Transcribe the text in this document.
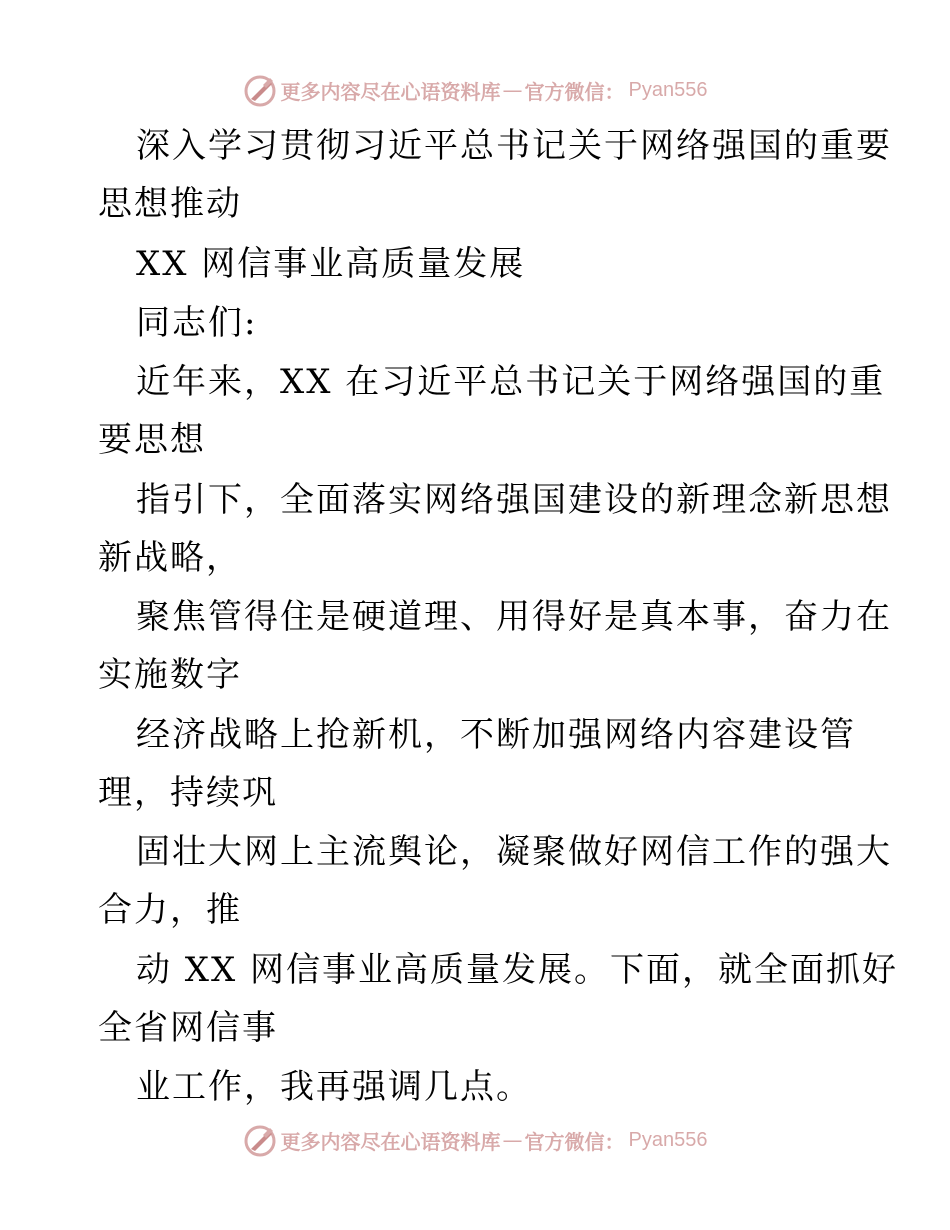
更多内容尽在心语资料库 — 官方微信： Pyan556
深入学习贯彻习近平总书记关于网络强国的重要
思想推动
XX 网信事业高质量发展
同志们:
近年来，XX 在习近平总书记关于网络强国的重
要思想
指引下，全面落实网络强国建设的新理念新思想
新战略，
聚焦管得住是硬道理、用得好是真本事，奋力在
实施数字
经济战略上抢新机，不断加强网络内容建设管
理，持续巩
固壮大网上主流舆论，凝聚做好网信工作的强大
合力，推
动 XX 网信事业高质量发展。下面，就全面抓好
全省网信事
业工作，我再强调几点。
更多内容尽在心语资料库 — 官方微信： Pyan556
